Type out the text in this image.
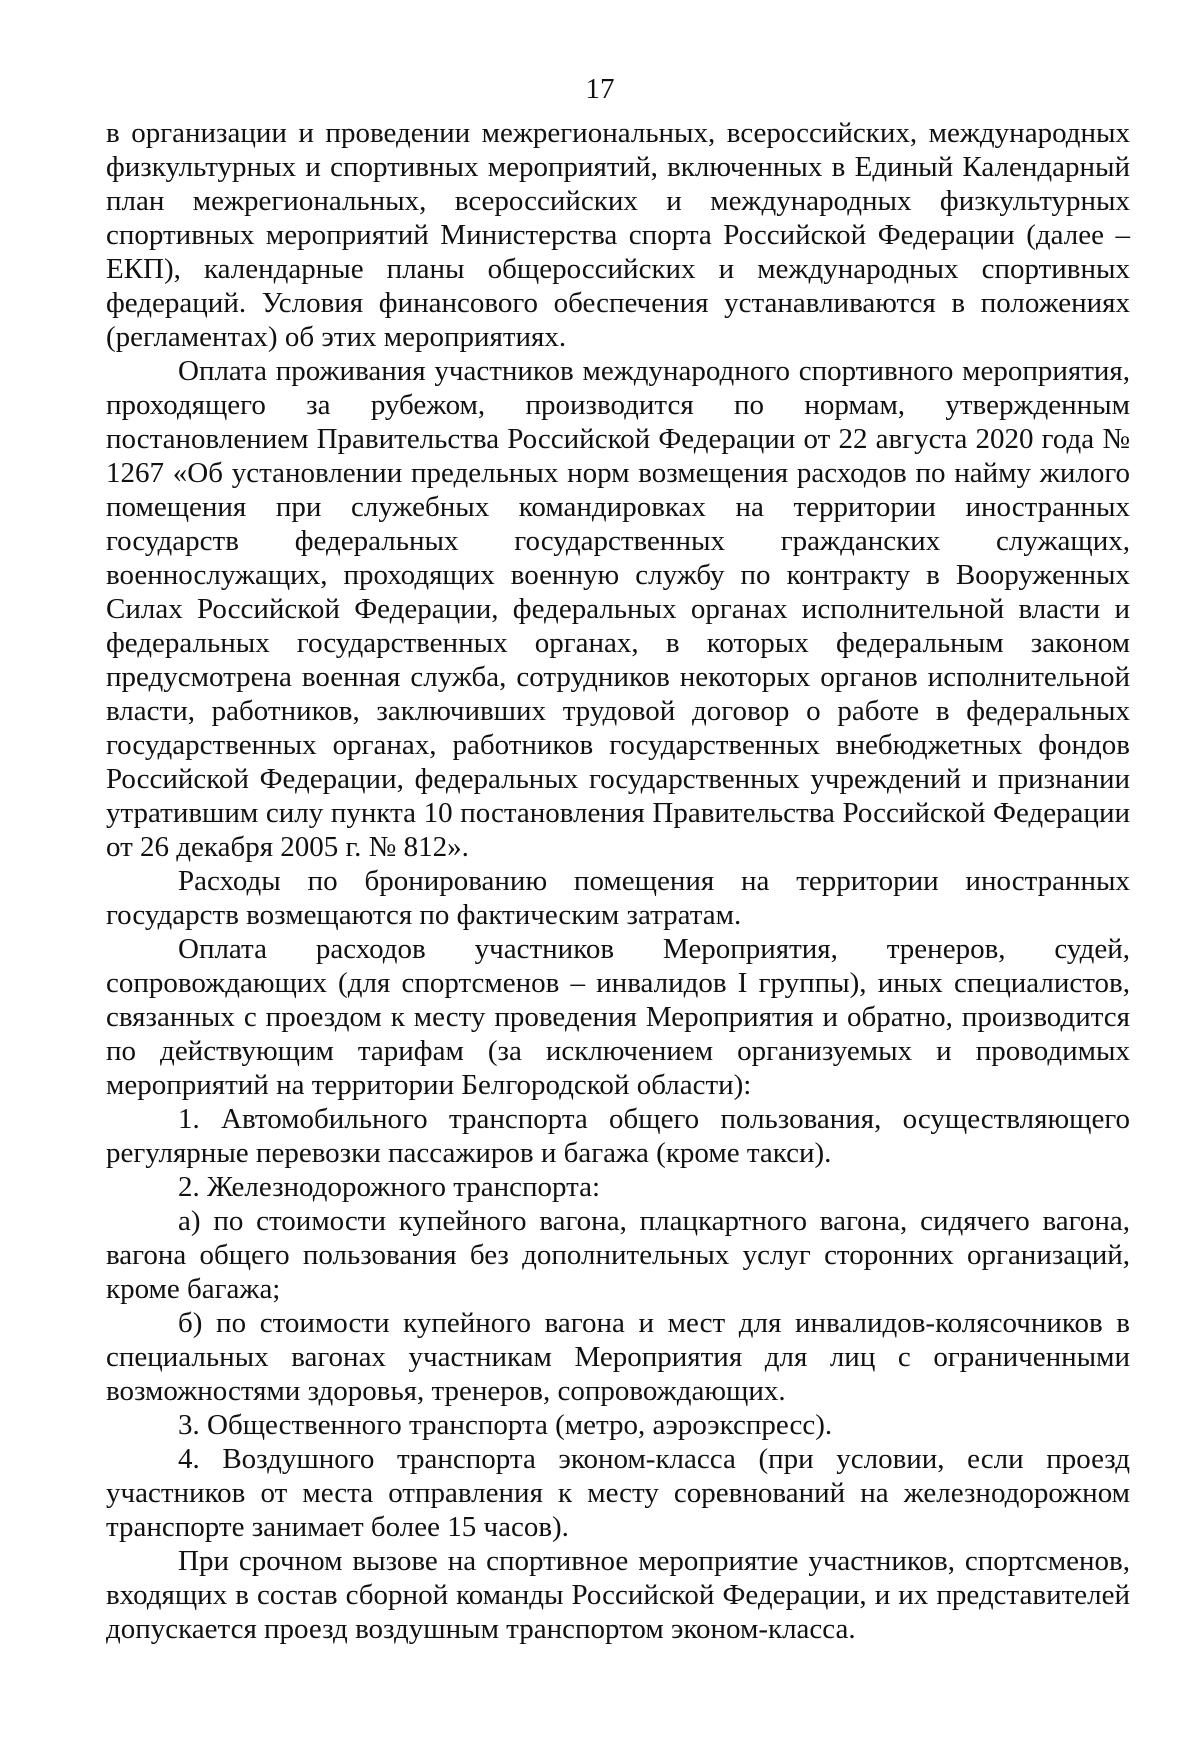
17

в организации и проведении межрегиональных, всероссийских, международных физкультурных и спортивных мероприятий, включенных в Единый Календарный план межрегиональных, всероссийских и международных физкультурных спортивных мероприятий Министерства спорта Российской Федерации (далее – ЕКП), календарные планы общероссийских и международных спортивных федераций. Условия финансового обеспечения устанавливаются в положениях (регламентах) об этих мероприятиях.

Оплата проживания участников международного спортивного мероприятия, проходящего за рубежом, производится по нормам, утвержденным постановлением Правительства Российской Федерации от 22 августа 2020 года № 1267 «Об установлении предельных норм возмещения расходов по найму жилого помещения при служебных командировках на территории иностранных государств федеральных государственных гражданских служащих, военнослужащих, проходящих военную службу по контракту в Вооруженных Силах Российской Федерации, федеральных органах исполнительной власти и федеральных государственных органах, в которых федеральным законом предусмотрена военная служба, сотрудников некоторых органов исполнительной власти, работников, заключивших трудовой договор о работе в федеральных государственных органах, работников государственных внебюджетных фондов Российской Федерации, федеральных государственных учреждений и признании утратившим силу пункта 10 постановления Правительства Российской Федерации от 26 декабря 2005 г. № 812».

Расходы по бронированию помещения на территории иностранных государств возмещаются по фактическим затратам.

Оплата расходов участников Мероприятия, тренеров, судей, сопровождающих (для спортсменов – инвалидов I группы), иных специалистов, связанных с проездом к месту проведения Мероприятия и обратно, производится по действующим тарифам (за исключением организуемых и проводимых мероприятий на территории Белгородской области):

1. Автомобильного транспорта общего пользования, осуществляющего регулярные перевозки пассажиров и багажа (кроме такси).

2. Железнодорожного транспорта:

а) по стоимости купейного вагона, плацкартного вагона, сидячего вагона, вагона общего пользования без дополнительных услуг сторонних организаций, кроме багажа;

б) по стоимости купейного вагона и мест для инвалидов-колясочников в специальных вагонах участникам Мероприятия для лиц с ограниченными возможностями здоровья, тренеров, сопровождающих.

3. Общественного транспорта (метро, аэроэкспресс).

4. Воздушного транспорта эконом-класса (при условии, если проезд участников от места отправления к месту соревнований на железнодорожном транспорте занимает более 15 часов).

При срочном вызове на спортивное мероприятие участников, спортсменов, входящих в состав сборной команды Российской Федерации, и их представителей допускается проезд воздушным транспортом эконом-класса.
